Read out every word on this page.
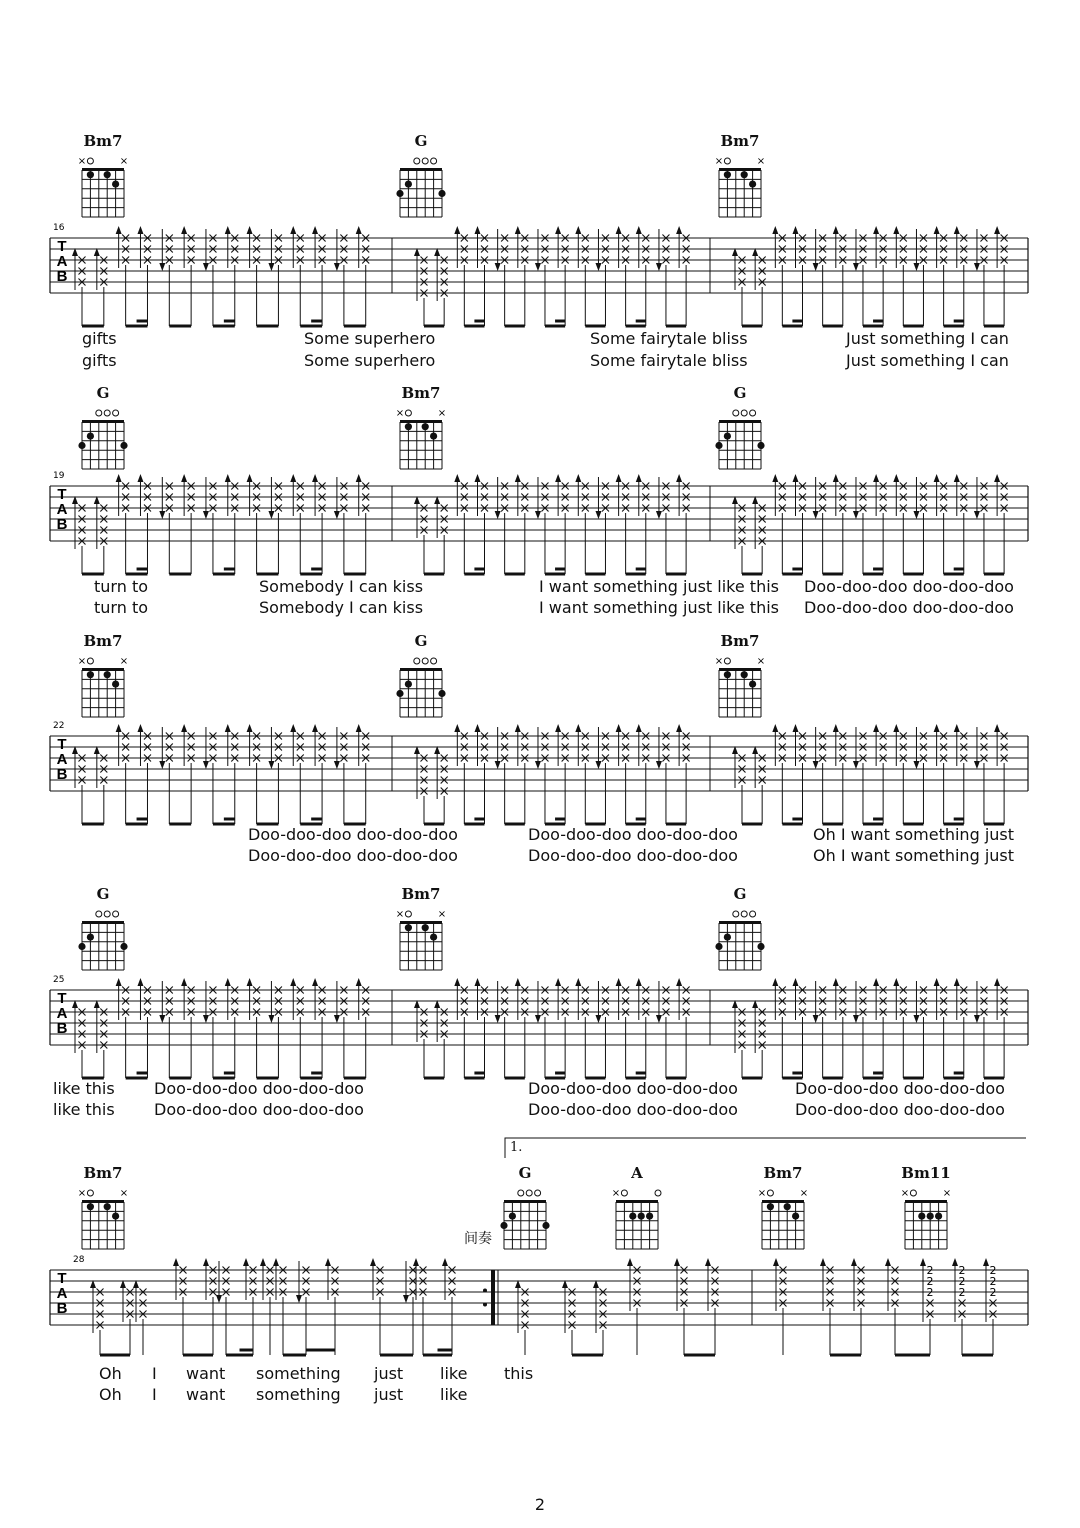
T
A
B
16
×	×	×	×
T
A
B
19
×	×
T
A
B
22
×	×	×	×
T
A
B
25
×	×
T
A
B
28
2
2
2
2
2
2
2
2
2
×	×	×	×	×	×	×
Bm7	G	Bm7
gifts
gifts
Some superhero
Some superhero
Some fairytale bliss
Some fairytale bliss
Just something I can
Just something I can
G	Bm7	G
turn to
turn to
Somebody I can kiss
Somebody I can kiss
I want something just like this
I want something just like this
Doo-doo-doo doo-doo-doo
Doo-doo-doo doo-doo-doo
Bm7	G	Bm7
Doo-doo-doo doo-doo-doo
Doo-doo-doo doo-doo-doo
Doo-doo-doo doo-doo-doo
Doo-doo-doo doo-doo-doo
Oh I want something just
Oh I want something just
G	Bm7	G
like this
like this
Doo-doo-doo doo-doo-doo
Doo-doo-doo doo-doo-doo
Doo-doo-doo doo-doo-doo
Doo-doo-doo doo-doo-doo
Doo-doo-doo doo-doo-doo
Doo-doo-doo doo-doo-doo
1.
Bm7	G	A	Bm7	Bm11
间奏
Oh I want something just like this
Oh I want something just like
2
